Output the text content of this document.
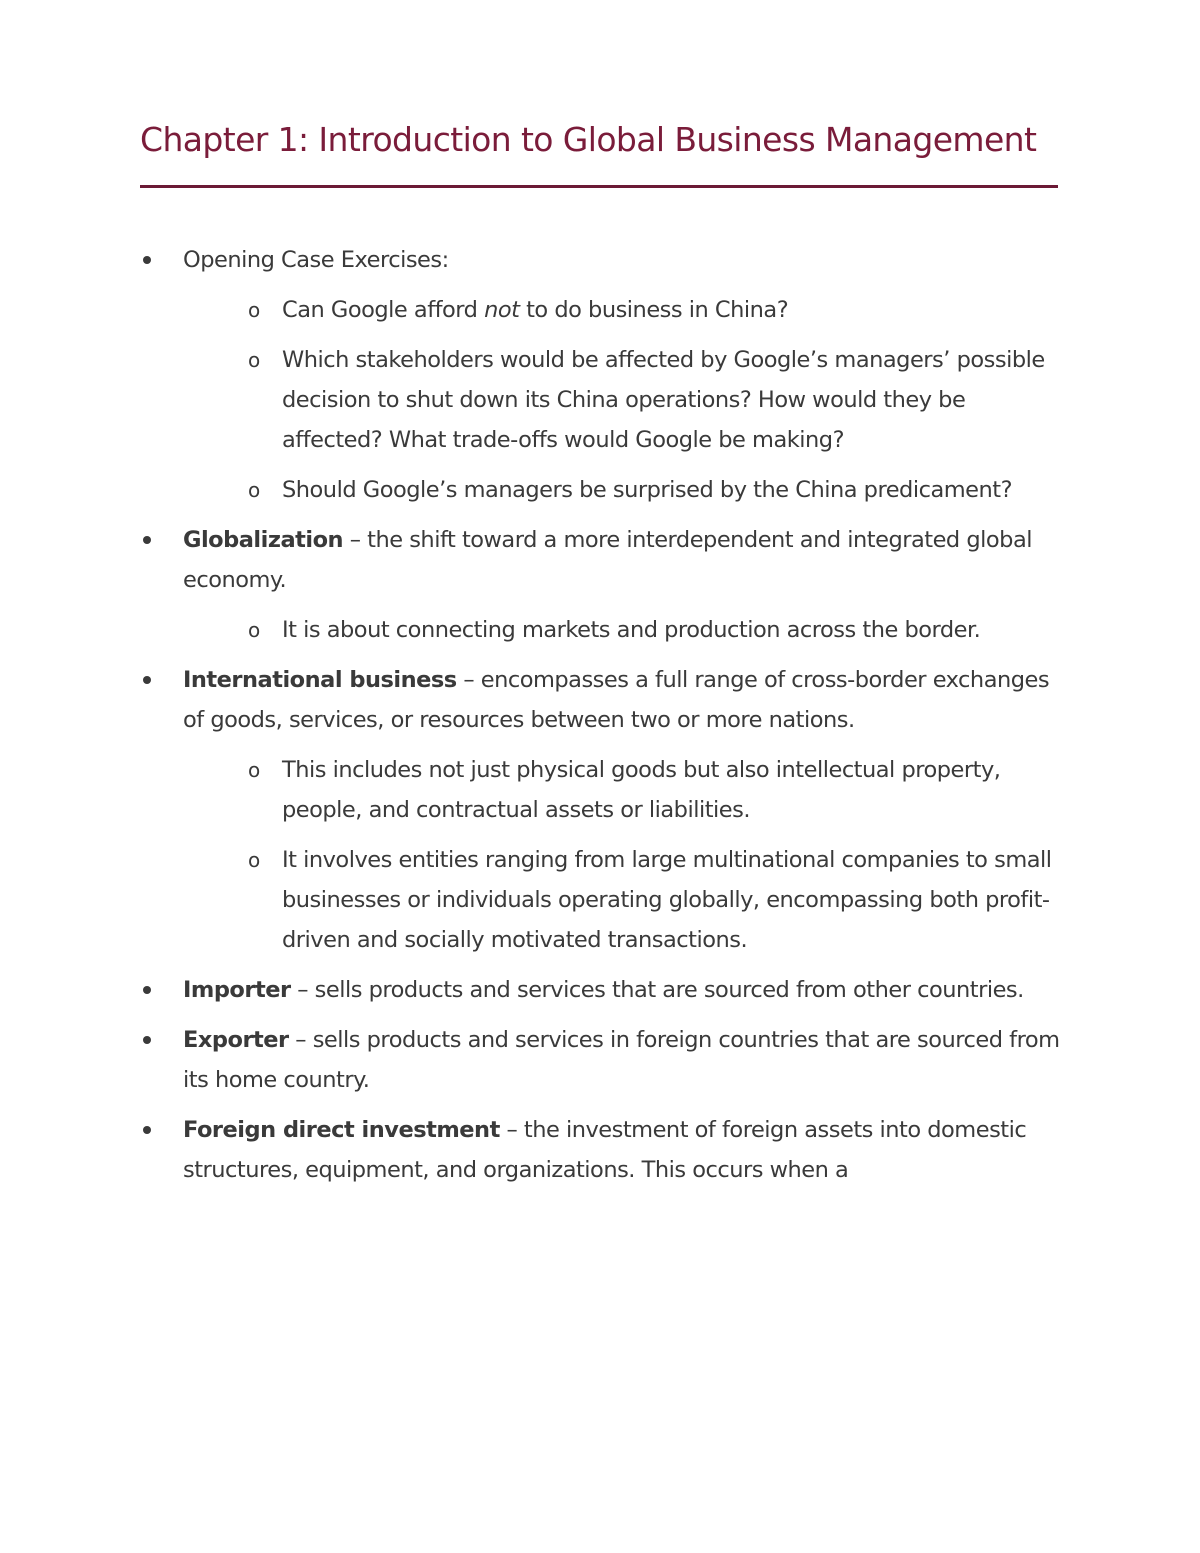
Chapter 1: Introduction to Global Business Management
Opening Case Exercises:
o Can Google afford not to do business in China?
o Which stakeholders would be affected by Google’s managers’ possible decision to shut down its China operations? How would they be affected? What trade-offs would Google be making?
o Should Google’s managers be surprised by the China predicament?
Globalization – the shift toward a more interdependent and integrated global economy.
o It is about connecting markets and production across the border.
International business – encompasses a full range of cross-border exchanges of goods, services, or resources between two or more nations.
o This includes not just physical goods but also intellectual property, people, and contractual assets or liabilities.
o It involves entities ranging from large multinational companies to small businesses or individuals operating globally, encompassing both profit-driven and socially motivated transactions.
Importer – sells products and services that are sourced from other countries.
Exporter – sells products and services in foreign countries that are sourced from its home country.
Foreign direct investment – the investment of foreign assets into domestic structures, equipment, and organizations. This occurs when a
